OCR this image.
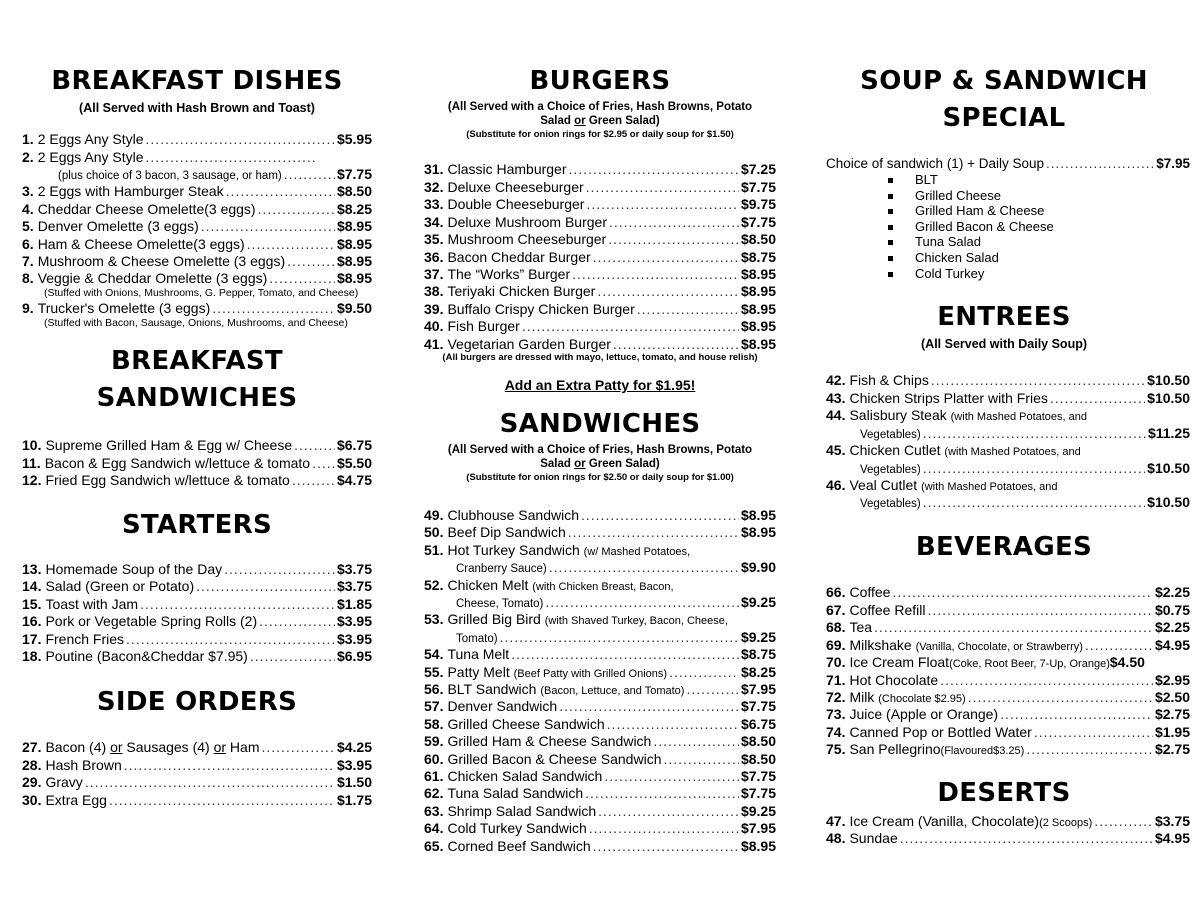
BREAKFAST DISHES
(All Served with Hash Brown and Toast)
1. 2 Eggs Any Style .....	$5.95
2. 2 Eggs Any Style
.....
(plus choice of 3 bacon, 3 sausage, or ham) .....	$7.75
3. 2 Eggs with Hamburger Steak .....	$8.50
4. Cheddar Cheese Omelette(3 eggs) .....	$8.25
5. Denver Omelette (3 eggs) .....	$8.95
6. Ham & Cheese Omelette(3 eggs) .....	$8.95
7. Mushroom & Cheese Omelette (3 eggs) .....	$8.95
8. Veggie & Cheddar Omelette (3 eggs) .....	$8.95
(Stuffed with Onions, Mushrooms, G. Pepper, Tomato, and Cheese)
9. Trucker's Omelette (3 eggs) .....	$9.50
(Stuffed with Bacon, Sausage, Onions, Mushrooms, and Cheese)
BREAKFAST
SANDWICHES
10. Supreme Grilled Ham & Egg w/ Cheese .....	$6.75
11. Bacon & Egg Sandwich w/lettuce & tomato ..... $5.50
12. Fried Egg Sandwich w/lettuce & tomato .....	$4.75
STARTERS
13. Homemade Soup of the Day .....	$3.75
14. Salad (Green or Potato) .....	$3.75
15. Toast with Jam .....	$1.85
16. Pork or Vegetable Spring Rolls (2) .....	$3.95
17. French Fries .....	$3.95
18. Poutine (Bacon&Cheddar $7.95) .....	$6.95
SIDE ORDERS
27. Bacon (4) or Sausages (4) or Ham .....	$4.25
28. Hash Brown .....	$3.95
29. Gravy .....	$1.50
30. Extra Egg .....	$1.75
BURGERS
(All Served with a Choice of Fries, Hash Browns, Potato
Salad or Green Salad)
(Substitute for onion rings for $2.95 or daily soup for $1.50)
31. Classic Hamburger .....	$7.25
32. Deluxe Cheeseburger .....	$7.75
33. Double Cheeseburger .....	$9.75
34. Deluxe Mushroom Burger .....	$7.75
35. Mushroom Cheeseburger .....	$8.50
36. Bacon Cheddar Burger .....	$8.75
37. The “Works” Burger .....	$8.95
38. Teriyaki Chicken Burger .....	$8.95
39. Buffalo Crispy Chicken Burger .....	$8.95
40. Fish Burger .....	$8.95
41. Vegetarian Garden Burger .....	$8.95
(All burgers are dressed with mayo, lettuce, tomato, and house relish)
Add an Extra Patty for $1.95!
SANDWICHES
(All Served with a Choice of Fries, Hash Browns, Potato
Salad or Green Salad)
(Substitute for onion rings for $2.50 or daily soup for $1.00)
49. Clubhouse Sandwich .....	$8.95
50. Beef Dip Sandwich .....	$8.95
51. Hot Turkey Sandwich (w/ Mashed Potatoes,
Cranberry Sauce) .....	$9.90
52. Chicken Melt (with Chicken Breast, Bacon,
Cheese, Tomato) .....	$9.25
53. Grilled Big Bird (with Shaved Turkey, Bacon, Cheese,
Tomato) .....	$9.25
54. Tuna Melt .....	$8.75
55. Patty Melt (Beef Patty with Grilled Onions) .....	$8.25
56. BLT Sandwich (Bacon, Lettuce, and Tomato) .....	$7.95
57. Denver Sandwich .....	$7.75
58. Grilled Cheese Sandwich .....	$6.75
59. Grilled Ham & Cheese Sandwich .....	$8.50
60. Grilled Bacon & Cheese Sandwich .....	$8.50
61. Chicken Salad Sandwich .....	$7.75
62. Tuna Salad Sandwich .....	$7.75
63. Shrimp Salad Sandwich .....	$9.25
64. Cold Turkey Sandwich .....	$7.95
65. Corned Beef Sandwich .....	$8.95
SOUP & SANDWICH
SPECIAL
Choice of sandwich (1) + Daily Soup .....	$7.95
BLT
Grilled Cheese
Grilled Ham & Cheese
Grilled Bacon & Cheese
Tuna Salad
Chicken Salad
Cold Turkey
ENTREES
(All Served with Daily Soup)
42. Fish & Chips .....	$10.50
43. Chicken Strips Platter with Fries .....	$10.50
44. Salisbury Steak (with Mashed Potatoes, and
Vegetables) .....	$11.25
45. Chicken Cutlet (with Mashed Potatoes, and
Vegetables) .....	$10.50
46. Veal Cutlet (with Mashed Potatoes, and
Vegetables) .....	$10.50
BEVERAGES
66. Coffee .....	$2.25
67. Coffee Refill .....	$0.75
68. Tea .....	$2.25
69. Milkshake (Vanilla, Chocolate, or Strawberry) .....	$4.95
70. Ice Cream Float(Coke, Root Beer, 7-Up, Orange) $4.50
71. Hot Chocolate .....	$2.95
72. Milk (Chocolate $2.95) .....	$2.50
73. Juice (Apple or Orange) .....	$2.75
74. Canned Pop or Bottled Water .....	$1.95
75. San Pellegrino(Flavoured$3.25) .....	$2.75
DESERTS
47. Ice Cream (Vanilla, Chocolate)(2 Scoops) .....	$3.75
48. Sundae .....	$4.95
